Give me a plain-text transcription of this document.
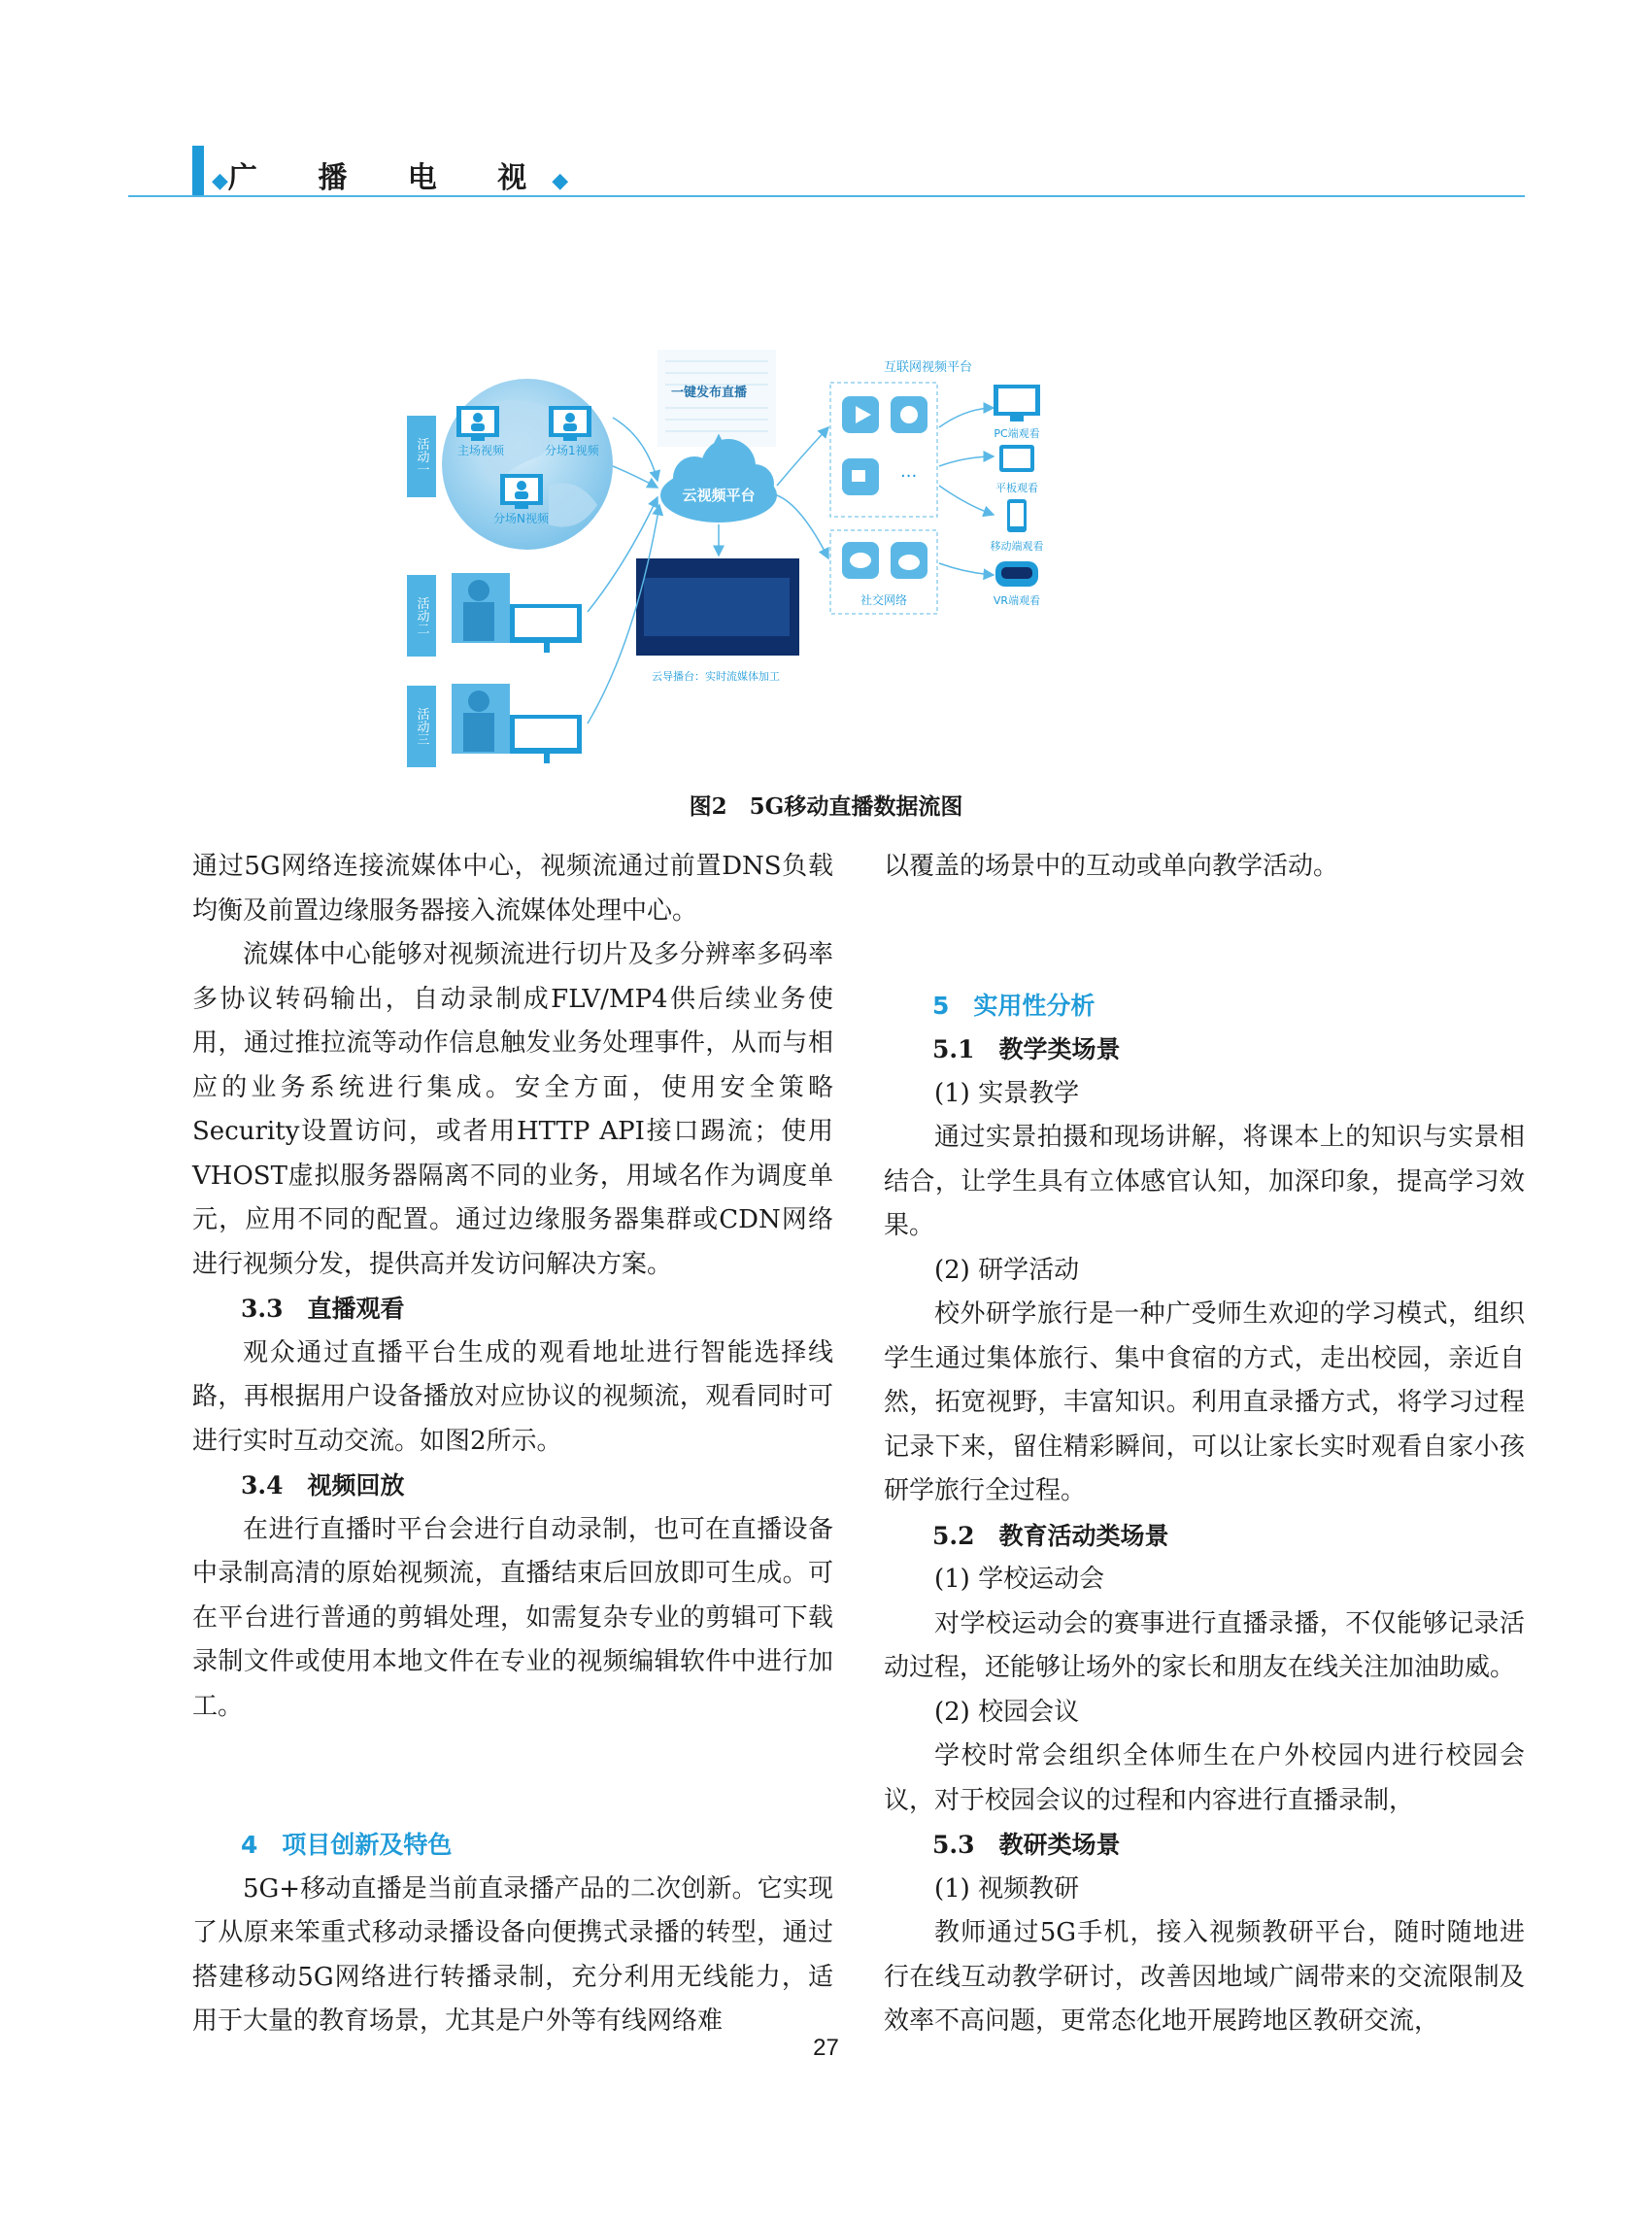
◆广 播 电 视◆
活动一
活动二
活动三
主场视频	分场1视频
分场N视频
一键发布直播
云视频平台
云导播台：实时流媒体加工
互联网视频平台
···
社交网络
PC端观看
平板观看
移动端观看
VR端观看
图2　5G移动直播数据流图

通过5G网络连接流媒体中心，视频流通过前置DNS负载均衡及前置边缘服务器接入流媒体处理中心。

流媒体中心能够对视频流进行切片及多分辨率多码率多协议转码输出，自动录制成FLV/MP4供后续业务使用，通过推拉流等动作信息触发业务处理事件，从而与相应的业务系统进行集成。安全方面，使用安全策略Security设置访问，或者用HTTP API接口踢流；使用VHOST虚拟服务器隔离不同的业务，用域名作为调度单元，应用不同的配置。通过边缘服务器集群或CDN网络进行视频分发，提供高并发访问解决方案。

3.3　直播观看

观众通过直播平台生成的观看地址进行智能选择线路，再根据用户设备播放对应协议的视频流，观看同时可进行实时互动交流。如图2所示。

3.4　视频回放

在进行直播时平台会进行自动录制，也可在直播设备中录制高清的原始视频流，直播结束后回放即可生成。可在平台进行普通的剪辑处理，如需复杂专业的剪辑可下载录制文件或使用本地文件在专业的视频编辑软件中进行加工。

4　项目创新及特色

5G+移动直播是当前直录播产品的二次创新。它实现了从原来笨重式移动录播设备向便携式录播的转型，通过搭建移动5G网络进行转播录制，充分利用无线能力，适用于大量的教育场景，尤其是户外等有线网络难

以覆盖的场景中的互动或单向教学活动。

5　实用性分析

5.1　教学类场景

(1) 实景教学

通过实景拍摄和现场讲解，将课本上的知识与实景相结合，让学生具有立体感官认知，加深印象，提高学习效果。

(2) 研学活动

校外研学旅行是一种广受师生欢迎的学习模式，组织学生通过集体旅行、集中食宿的方式，走出校园，亲近自然，拓宽视野，丰富知识。利用直录播方式，将学习过程记录下来，留住精彩瞬间，可以让家长实时观看自家小孩研学旅行全过程。

5.2　教育活动类场景

(1) 学校运动会

对学校运动会的赛事进行直播录播，不仅能够记录活动过程，还能够让场外的家长和朋友在线关注加油助威。

(2) 校园会议

学校时常会组织全体师生在户外校园内进行校园会议，对于校园会议的过程和内容进行直播录制，

5.3　教研类场景

(1) 视频教研

教师通过5G手机，接入视频教研平台，随时随地进行在线互动教学研讨，改善因地域广阔带来的交流限制及效率不高问题，更常态化地开展跨地区教研交流，

27
